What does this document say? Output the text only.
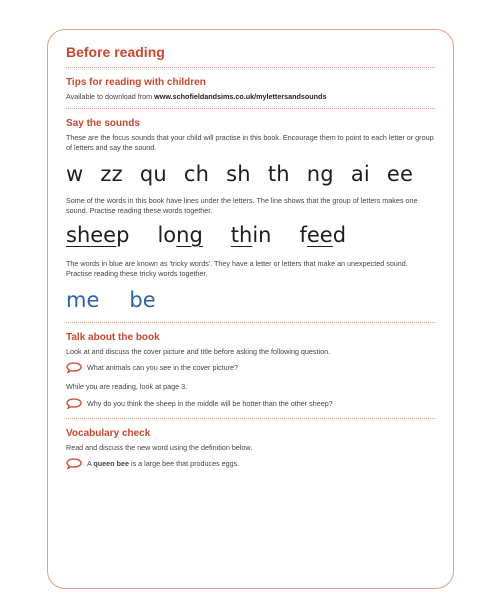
Before reading
Tips for reading with children
Available to download from www.schofieldandsims.co.uk/mylettersandsounds
Say the sounds
These are the focus sounds that your child will practise in this book. Encourage them to point to each letter or group of letters and say the sound.
w zz qu ch sh th ng ai ee
Some of the words in this book have lines under the letters. The line shows that the group of letters makes one sound. Practise reading these words together.
sheep long thin feed
The words in blue are known as 'tricky words'. They have a letter or letters that make an unexpected sound. Practise reading these tricky words together.
me be
Talk about the book
Look at and discuss the cover picture and title before asking the following question.
What animals can you see in the cover picture?
While you are reading, look at page 3.
Why do you think the sheep in the middle will be hotter than the other sheep?
Vocabulary check
Read and discuss the new word using the definition below.
A queen bee is a large bee that produces eggs.
